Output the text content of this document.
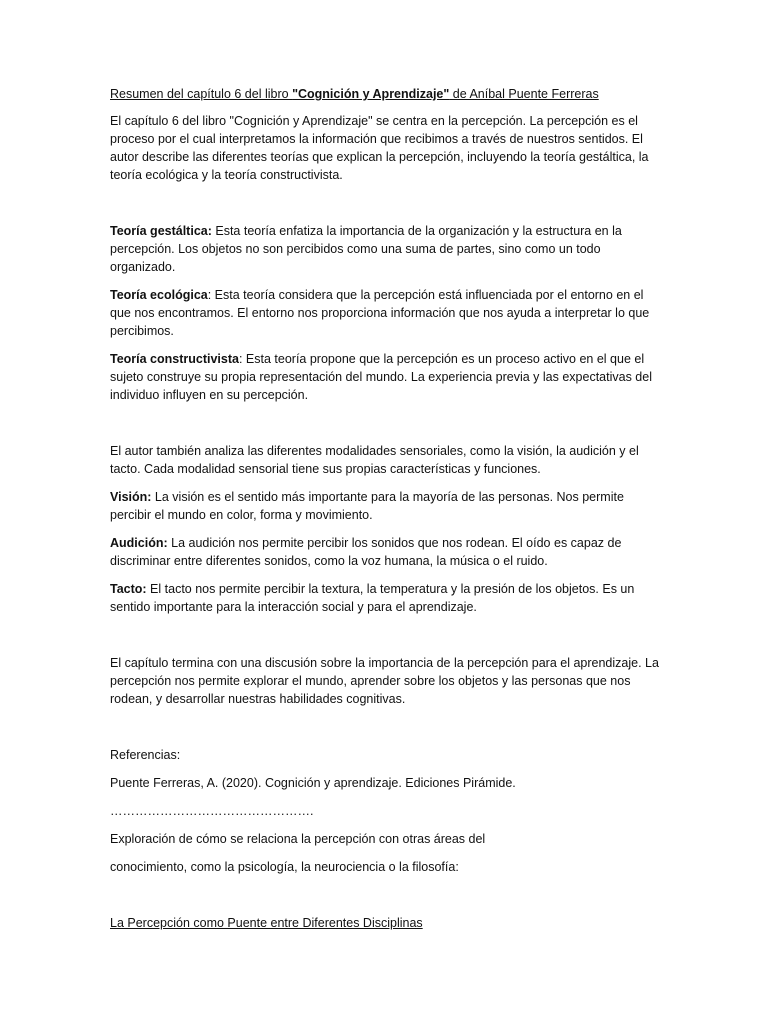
Resumen del capítulo 6 del libro "Cognición y Aprendizaje" de Aníbal Puente Ferreras

El capítulo 6 del libro "Cognición y Aprendizaje" se centra en la percepción. La percepción es el proceso por el cual interpretamos la información que recibimos a través de nuestros sentidos. El autor describe las diferentes teorías que explican la percepción, incluyendo la teoría gestáltica, la teoría ecológica y la teoría constructivista.

Teoría gestáltica: Esta teoría enfatiza la importancia de la organización y la estructura en la percepción. Los objetos no son percibidos como una suma de partes, sino como un todo organizado.

Teoría ecológica: Esta teoría considera que la percepción está influenciada por el entorno en el que nos encontramos. El entorno nos proporciona información que nos ayuda a interpretar lo que percibimos.

Teoría constructivista: Esta teoría propone que la percepción es un proceso activo en el que el sujeto construye su propia representación del mundo. La experiencia previa y las expectativas del individuo influyen en su percepción.

El autor también analiza las diferentes modalidades sensoriales, como la visión, la audición y el tacto. Cada modalidad sensorial tiene sus propias características y funciones.

Visión: La visión es el sentido más importante para la mayoría de las personas. Nos permite percibir el mundo en color, forma y movimiento.

Audición: La audición nos permite percibir los sonidos que nos rodean. El oído es capaz de discriminar entre diferentes sonidos, como la voz humana, la música o el ruido.

Tacto: El tacto nos permite percibir la textura, la temperatura y la presión de los objetos. Es un sentido importante para la interacción social y para el aprendizaje.

El capítulo termina con una discusión sobre la importancia de la percepción para el aprendizaje. La percepción nos permite explorar el mundo, aprender sobre los objetos y las personas que nos rodean, y desarrollar nuestras habilidades cognitivas.

Referencias:

Puente Ferreras, A. (2020). Cognición y aprendizaje. Ediciones Pirámide.

………………………………………….

Exploración de cómo se relaciona la percepción con otras áreas del

conocimiento, como la psicología, la neurociencia o la filosofía:

La Percepción como Puente entre Diferentes Disciplinas
